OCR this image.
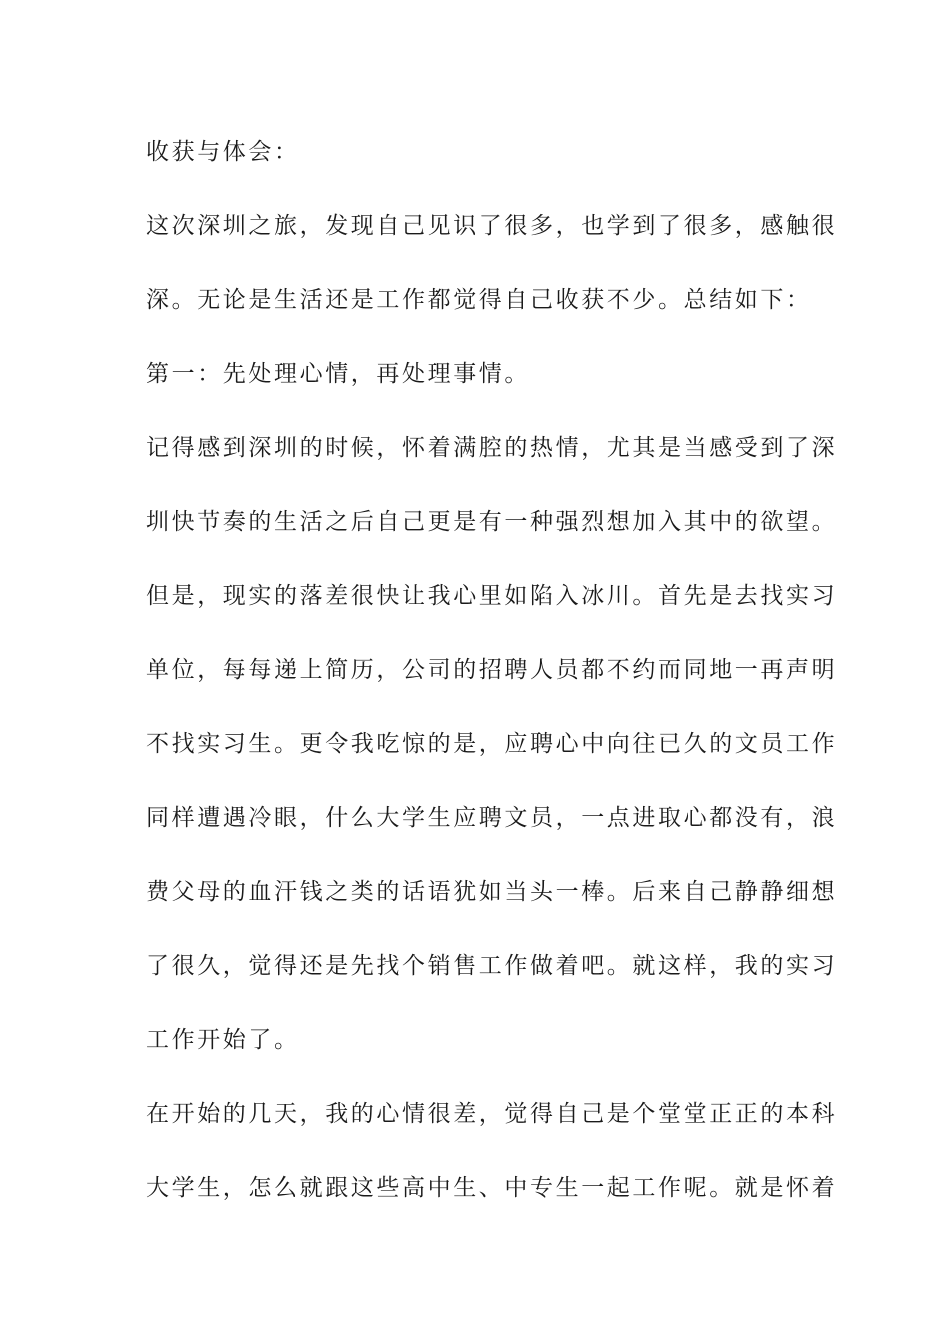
收获与体会：

这次深圳之旅，发现自己见识了很多，也学到了很多，感触很

深。无论是生活还是工作都觉得自己收获不少。总结如下：

第一：先处理心情，再处理事情。

记得感到深圳的时候，怀着满腔的热情，尤其是当感受到了深

圳快节奏的生活之后自己更是有一种强烈想加入其中的欲望。

但是，现实的落差很快让我心里如陷入冰川。首先是去找实习

单位，每每递上简历，公司的招聘人员都不约而同地一再声明

不找实习生。更令我吃惊的是，应聘心中向往已久的文员工作

同样遭遇冷眼，什么大学生应聘文员，一点进取心都没有，浪

费父母的血汗钱之类的话语犹如当头一棒。后来自己静静细想

了很久，觉得还是先找个销售工作做着吧。就这样，我的实习

工作开始了。

在开始的几天，我的心情很差，觉得自己是个堂堂正正的本科

大学生，怎么就跟这些高中生、中专生一起工作呢。就是怀着
